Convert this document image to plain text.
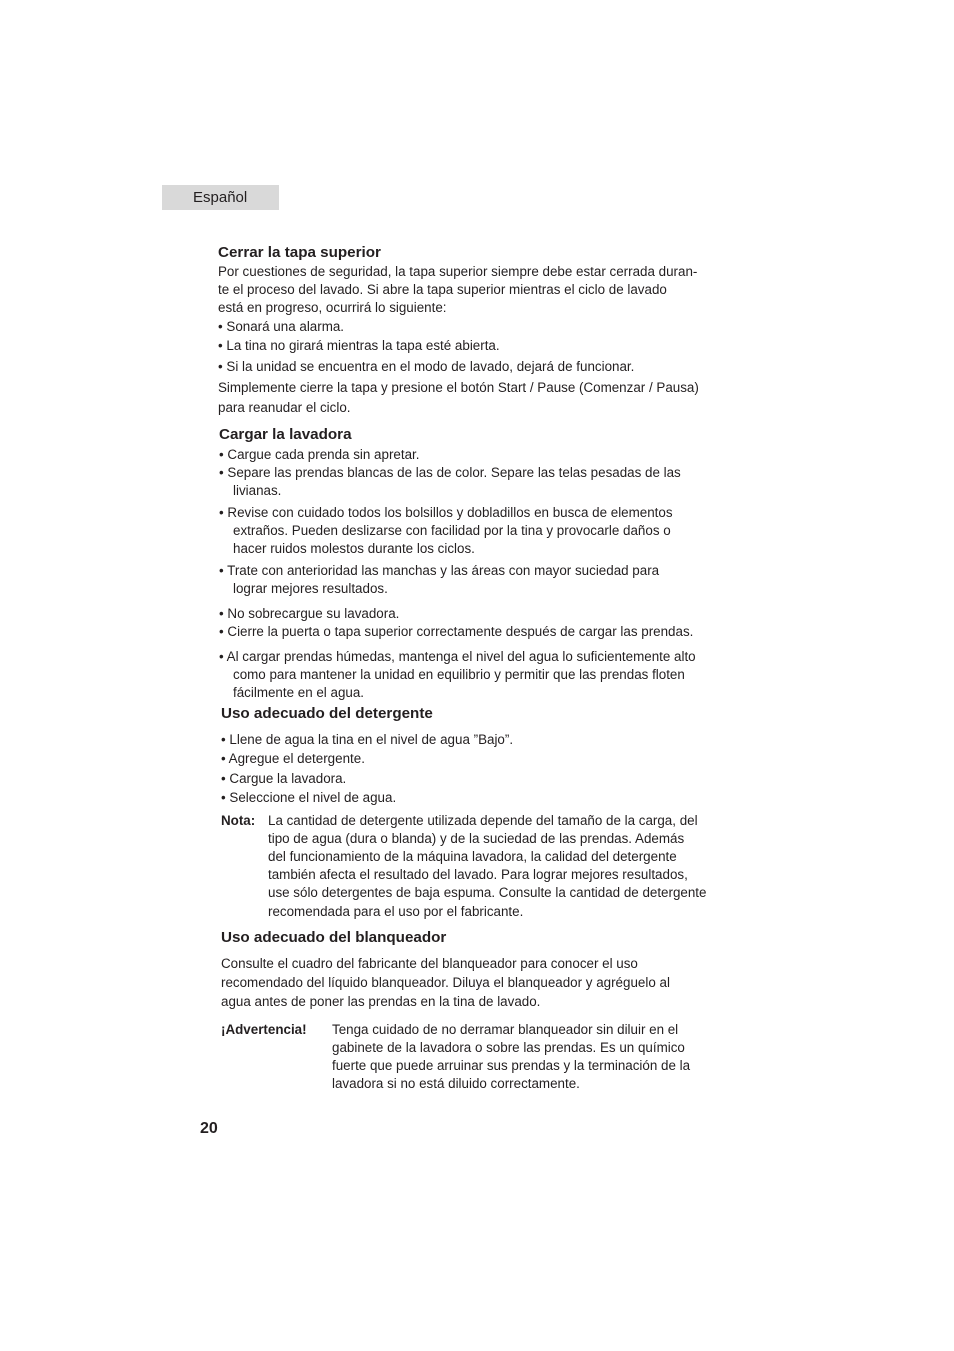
Español
Cerrar la tapa superior
Por cuestiones de seguridad, la tapa superior siempre debe estar cerrada duran-
te el proceso del lavado. Si abre la tapa superior mientras el ciclo de lavado
está en progreso, ocurrirá lo siguiente:
• Sonará una alarma.
• La tina no girará mientras la tapa esté abierta.
• Si la unidad se encuentra en el modo de lavado, dejará de funcionar.
Simplemente cierre la tapa y presione el botón Start / Pause (Comenzar / Pausa)
para reanudar el ciclo.
Cargar la lavadora
• Cargue cada prenda sin apretar.
• Separe las prendas blancas de las de color. Separe las telas pesadas de las
livianas.
• Revise con cuidado todos los bolsillos y dobladillos en busca de elementos
extraños. Pueden deslizarse con facilidad por la tina y provocarle daños o
hacer ruidos molestos durante los ciclos.
• Trate con anterioridad las manchas y las áreas con mayor suciedad para
lograr mejores resultados.
• No sobrecargue su lavadora.
• Cierre la puerta o tapa superior correctamente después de cargar las prendas.
• Al cargar prendas húmedas, mantenga el nivel del agua lo suficientemente alto
como para mantener la unidad en equilibrio y permitir que las prendas floten
fácilmente en el agua.
Uso adecuado del detergente
• Llene de agua la tina en el nivel de agua ”Bajo”.
• Agregue el detergente.
• Cargue la lavadora.
• Seleccione el nivel de agua.
Nota: La cantidad de detergente utilizada depende del tamaño de la carga, del
tipo de agua (dura o blanda) y de la suciedad de las prendas. Además
del funcionamiento de la máquina lavadora, la calidad del detergente
también afecta el resultado del lavado. Para lograr mejores resultados,
use sólo detergentes de baja espuma. Consulte la cantidad de detergente
recomendada para el uso por el fabricante.
Uso adecuado del blanqueador
Consulte el cuadro del fabricante del blanqueador para conocer el uso
recomendado del líquido blanqueador. Diluya el blanqueador y agréguelo al
agua antes de poner las prendas en la tina de lavado.
¡Advertencia! Tenga cuidado de no derramar blanqueador sin diluir en el
gabinete de la lavadora o sobre las prendas. Es un químico
fuerte que puede arruinar sus prendas y la terminación de la
lavadora si no está diluido correctamente.
20
